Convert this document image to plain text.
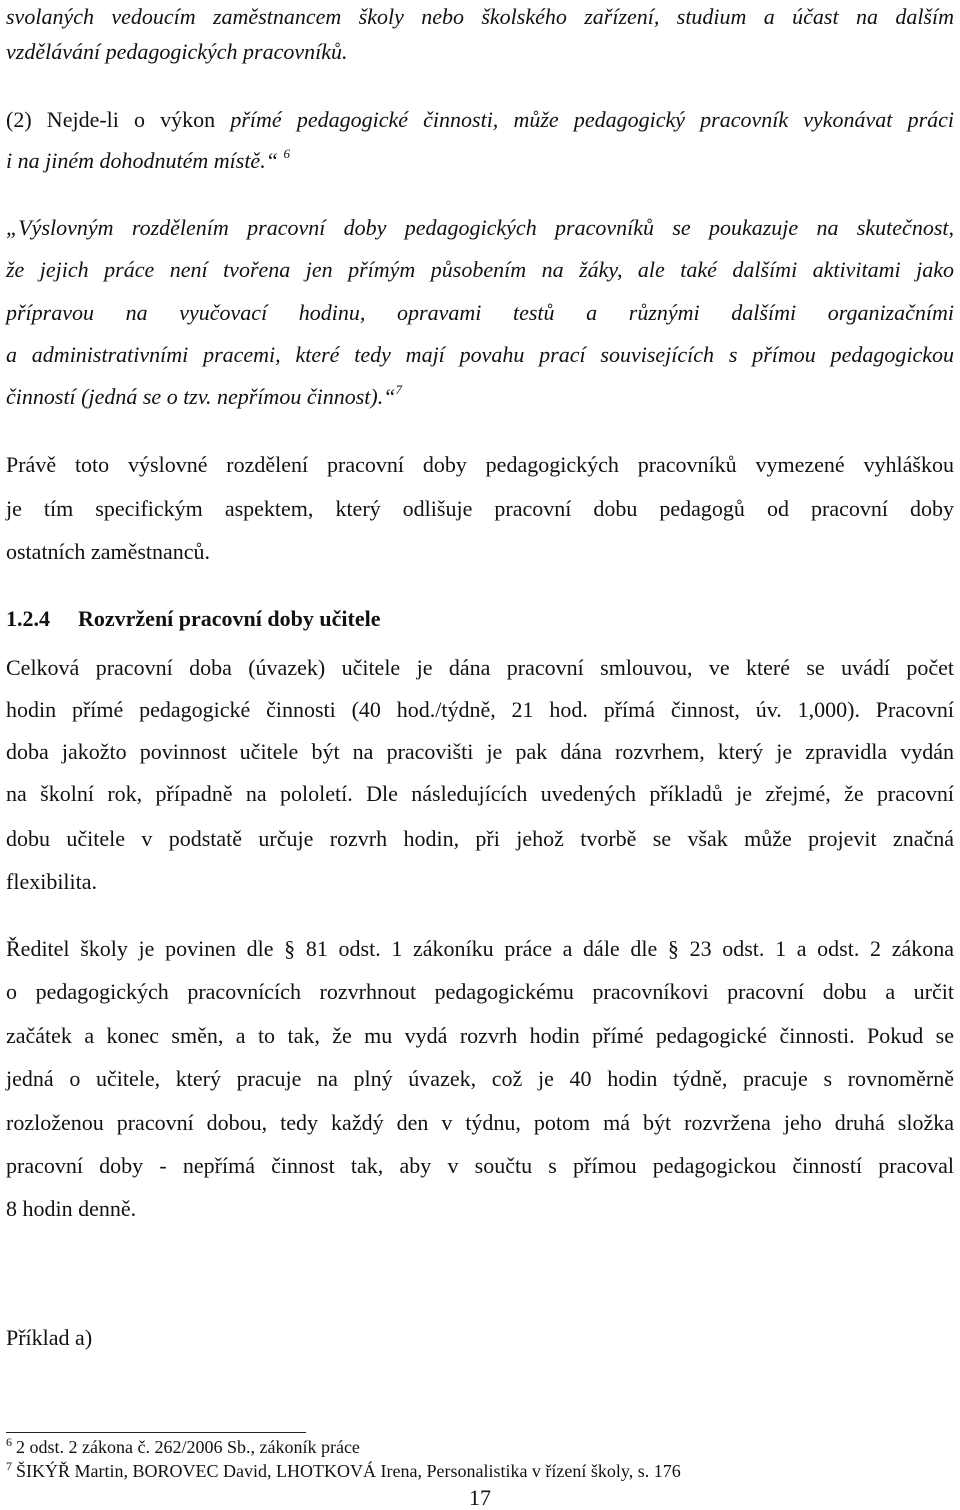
svolaných vedoucím zaměstnancem školy nebo školského zařízení, studium a účast na dalším
vzdělávání pedagogických pracovníků.
(2) Nejde-li o výkon přímé pedagogické činnosti, může pedagogický pracovník vykonávat práci
i na jiném dohodnutém místě.“ $^6$
„Výslovným rozdělením pracovní doby pedagogických pracovníků se poukazuje na skutečnost,
že jejich práce není tvořena jen přímým působením na žáky, ale také dalšími aktivitami jako
přípravou na vyučovací hodinu, opravami testů a různými dalšími organizačními
a administrativními pracemi, které tedy mají povahu prací souvisejících s přímou pedagogickou
činností (jedná se o tzv. nepřímou činnost).“$^7$
Právě toto výslovné rozdělení pracovní doby pedagogických pracovníků vymezené vyhláškou
je tím specifickým aspektem, který odlišuje pracovní dobu pedagogů od pracovní doby
ostatních zaměstnanců.
1.2.4 Rozvržení pracovní doby učitele
Celková pracovní doba (úvazek) učitele je dána pracovní smlouvou, ve které se uvádí počet
hodin přímé pedagogické činnosti (40 hod./týdně, 21 hod. přímá činnost, úv. 1,000). Pracovní
doba jakožto povinnost učitele být na pracovišti je pak dána rozvrhem, který je zpravidla vydán
na školní rok, případně na pololetí. Dle následujících uvedených příkladů je zřejmé, že pracovní
dobu učitele v podstatě určuje rozvrh hodin, při jehož tvorbě se však může projevit značná
flexibilita.
Ředitel školy je povinen dle § 81 odst. 1 zákoníku práce a dále dle § 23 odst. 1 a odst. 2 zákona
o pedagogických pracovnících rozvrhnout pedagogickému pracovníkovi pracovní dobu a určit
začátek a konec směn, a to tak, že mu vydá rozvrh hodin přímé pedagogické činnosti. Pokud se
jedná o učitele, který pracuje na plný úvazek, což je 40 hodin týdně, pracuje s rovnoměrně
rozloženou pracovní dobou, tedy každý den v týdnu, potom má být rozvržena jeho druhá složka
pracovní doby - nepřímá činnost tak, aby v součtu s přímou pedagogickou činností pracoval
8 hodin denně.
Příklad a)
$^6$ 2 odst. 2 zákona č. 262/2006 Sb., zákoník práce
$^7$ ŠIKÝŘ Martin, BOROVEC David, LHOTKOVÁ Irena, Personalistika v řízení školy, s. 176
17
